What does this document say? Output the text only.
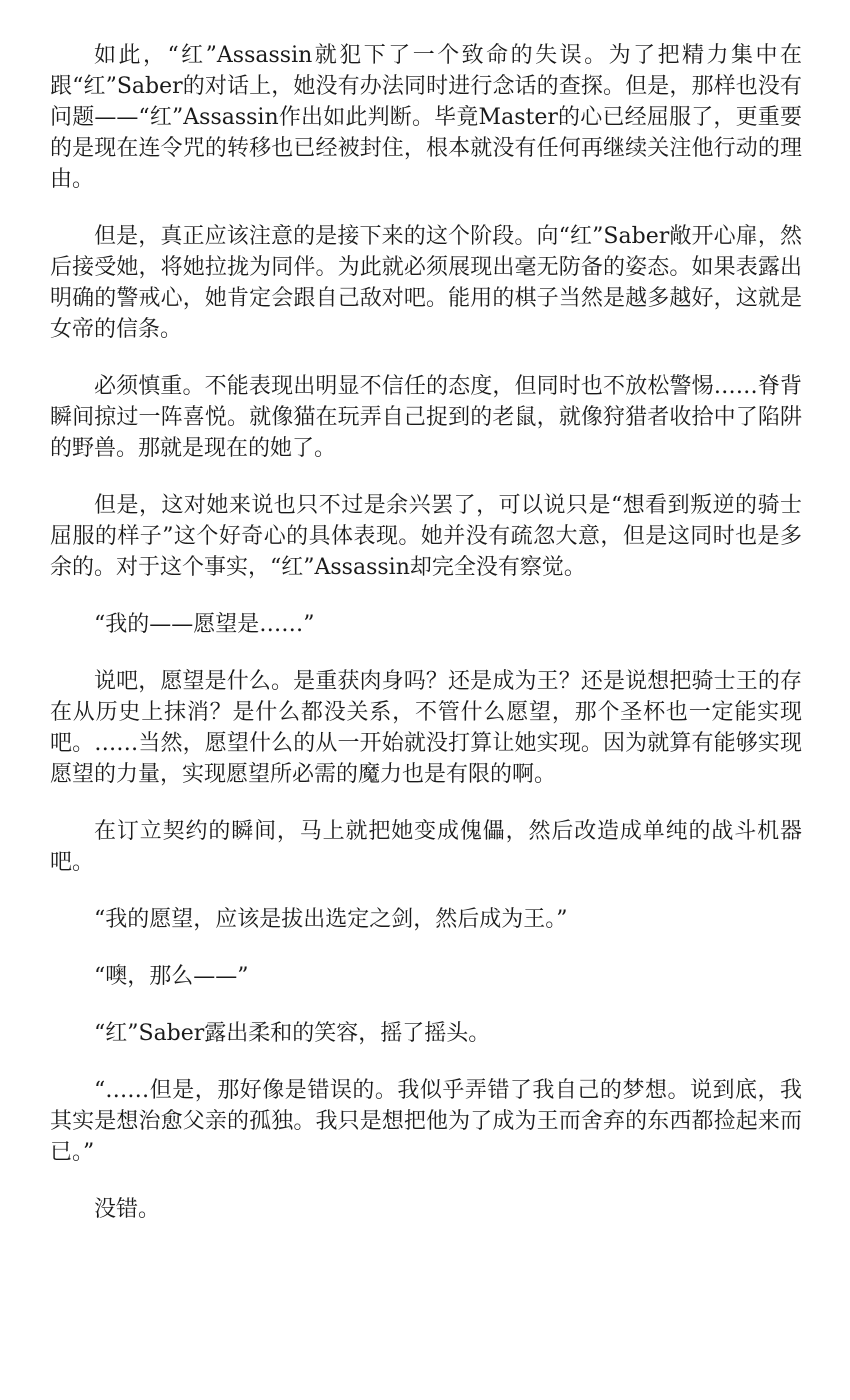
如此，“红”Assassin就犯下了一个致命的失误。为了把精力集中在跟“红”Saber的对话上，她没有办法同时进行念话的查探。但是，那样也没有问题——“红”Assassin作出如此判断。毕竟Master的心已经屈服了，更重要的是现在连令咒的转移也已经被封住，根本就没有任何再继续关注他行动的理由。

但是，真正应该注意的是接下来的这个阶段。向“红”Saber敞开心扉，然后接受她，将她拉拢为同伴。为此就必须展现出毫无防备的姿态。如果表露出明确的警戒心，她肯定会跟自己敌对吧。能用的棋子当然是越多越好，这就是女帝的信条。

必须慎重。不能表现出明显不信任的态度，但同时也不放松警惕……脊背瞬间掠过一阵喜悦。就像猫在玩弄自己捉到的老鼠，就像狩猎者收拾中了陷阱的野兽。那就是现在的她了。

但是，这对她来说也只不过是余兴罢了，可以说只是“想看到叛逆的骑士屈服的样子”这个好奇心的具体表现。她并没有疏忽大意，但是这同时也是多余的。对于这个事实，“红”Assassin却完全没有察觉。

“我的——愿望是……”

说吧，愿望是什么。是重获肉身吗？还是成为王？还是说想把骑士王的存在从历史上抹消？是什么都没关系，不管什么愿望，那个圣杯也一定能实现吧。……当然，愿望什么的从一开始就没打算让她实现。因为就算有能够实现愿望的力量，实现愿望所必需的魔力也是有限的啊。

在订立契约的瞬间，马上就把她变成傀儡，然后改造成单纯的战斗机器吧。

“我的愿望，应该是拔出选定之剑，然后成为王。”

“噢，那么——”

“红”Saber露出柔和的笑容，摇了摇头。

“……但是，那好像是错误的。我似乎弄错了我自己的梦想。说到底，我其实是想治愈父亲的孤独。我只是想把他为了成为王而舍弃的东西都捡起来而已。”

没错。
